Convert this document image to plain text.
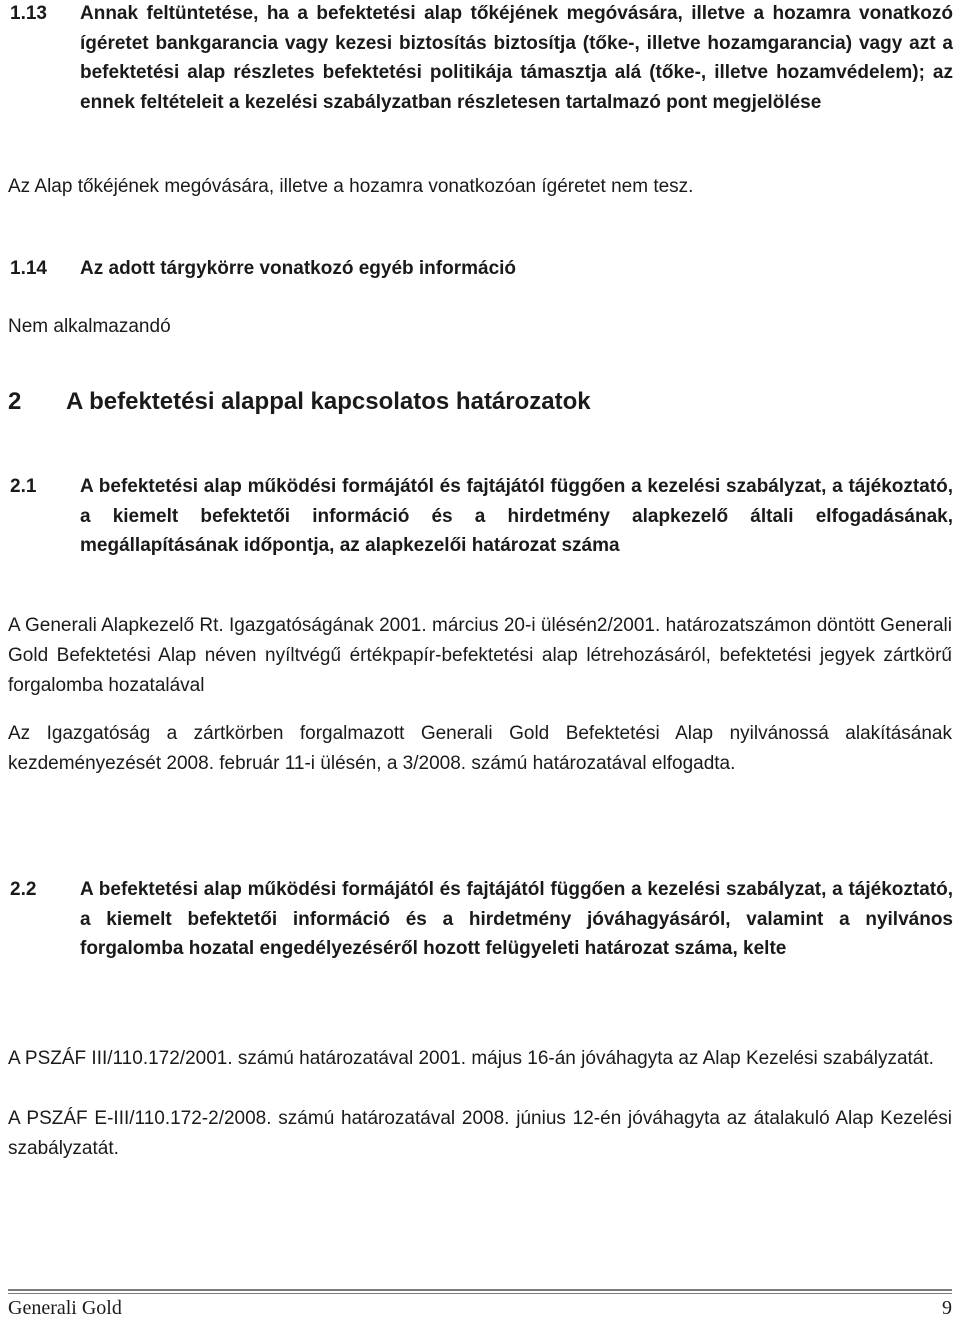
1.13 Annak feltüntetése, ha a befektetési alap tőkéjének megóvására, illetve a hozamra vonatkozó ígéretet bankgarancia vagy kezesi biztosítás biztosítja (tőke-, illetve hozamgarancia) vagy azt a befektetési alap részletes befektetési politikája támasztja alá (tőke-, illetve hozamvédelem); az ennek feltételeit a kezelési szabályzatban részletesen tartalmazó pont megjelölése
Az Alap tőkéjének megóvására, illetve a hozamra vonatkozóan ígéretet nem tesz.
1.14 Az adott tárgykörre vonatkozó egyéb információ
Nem alkalmazandó
2 A befektetési alappal kapcsolatos határozatok
2.1 A befektetési alap működési formájától és fajtájától függően a kezelési szabályzat, a tájékoztató, a kiemelt befektetői információ és a hirdetmény alapkezelő általi elfogadásának, megállapításának időpontja, az alapkezelői határozat száma
A Generali Alapkezelő Rt. Igazgatóságának 2001. március 20-i ülésén2/2001. határozatszámon döntött Generali Gold Befektetési Alap néven nyíltvégű értékpapír-befektetési alap létrehozásáról, befektetési jegyek zártkörű forgalomba hozatalával
Az Igazgatóság a zártkörben forgalmazott Generali Gold Befektetési Alap nyilvánossá alakításának kezdeményezését 2008. február 11-i ülésén, a 3/2008. számú határozatával elfogadta.
2.2 A befektetési alap működési formájától és fajtájától függően a kezelési szabályzat, a tájékoztató, a kiemelt befektetői információ és a hirdetmény jóváhagyásáról, valamint a nyilvános forgalomba hozatal engedélyezéséről hozott felügyeleti határozat száma, kelte
A PSZÁF III/110.172/2001. számú határozatával 2001. május 16-án jóváhagyta az Alap Kezelési szabályzatát.
A PSZÁF E-III/110.172-2/2008. számú határozatával 2008. június 12-én jóváhagyta az átalakuló Alap Kezelési szabályzatát.
Generali Gold	9
